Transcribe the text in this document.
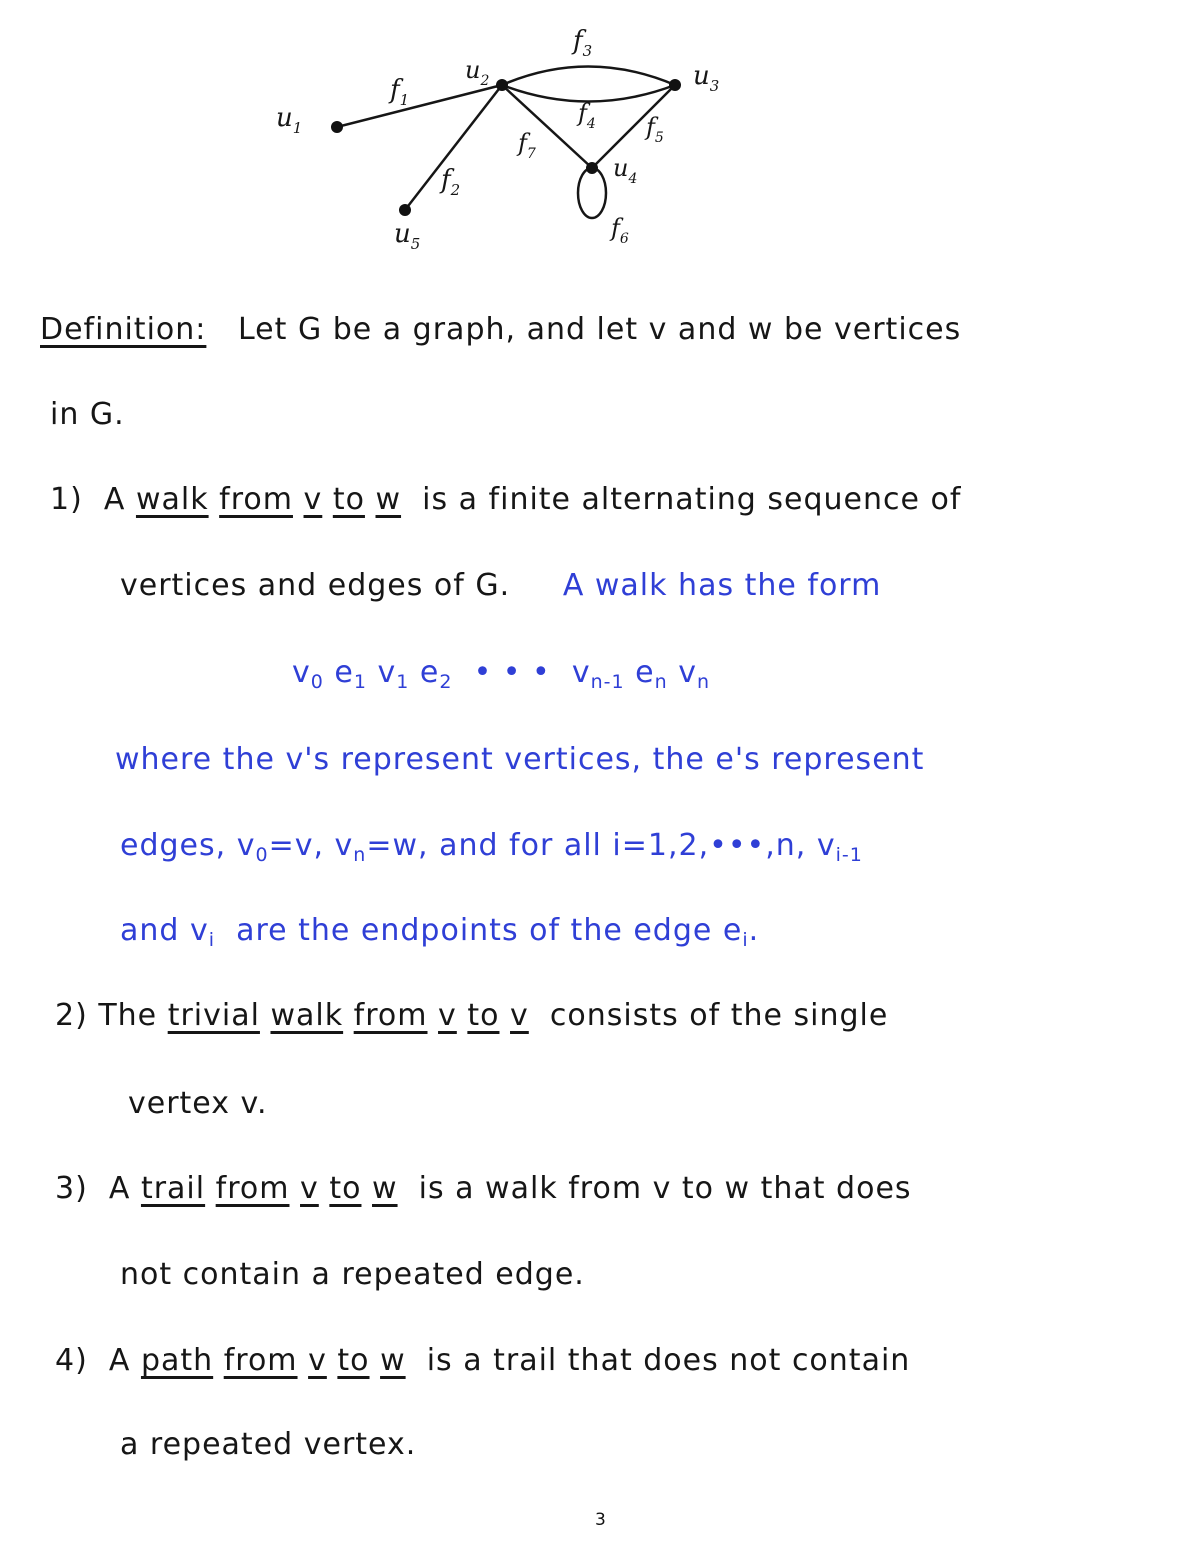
$u_1$
$u_2$	$u_3$
$u_4$
$u_5$
$f_1$
$f_2$
$f_3$
$f_4$ $f_5$
$f_6$
$f_7$
Definition: Let G be a graph, and let v and w be vertices
in G.
1) A walk from v to w is a finite alternating sequence of
vertices and edges of G. A walk has the form
$v_0$ $e_1$ $v_1$ $e_2$ • • • $v_{n-1}$ $e_n$ $v_n$
where the v's represent vertices, the e's represent
edges, $v_0=v$, $v_n=w$, and for all i=1,2,•••,n, $v_{i-1}$
and $v_i$ are the endpoints of the edge $e_i$.
2) The trivial walk from v to v consists of the single
vertex v.
3) A trail from v to w is a walk from v to w that does
not contain a repeated edge.
4) A path from v to w is a trail that does not contain
a repeated vertex.
3
